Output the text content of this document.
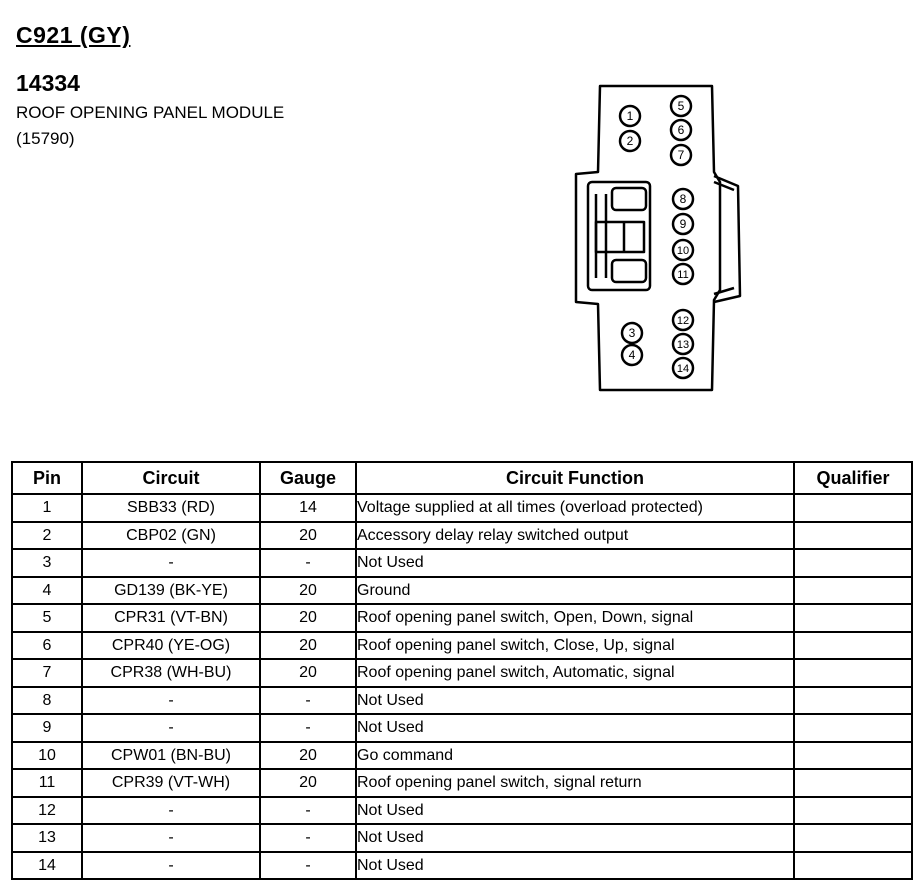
C921 (GY)
14334
ROOF OPENING PANEL MODULE
(15790)
1
2
3
4
5
6
7
8
9
10
11
12
13
14
Pin	Circuit	Gauge	Circuit Function	Qualifier
1	SBB33 (RD)	14	Voltage supplied at all times (overload protected)	
2	CBP02 (GN)	20	Accessory delay relay switched output	
3	-	-	Not Used	
4	GD139 (BK-YE)	20	Ground	
5	CPR31 (VT-BN)	20	Roof opening panel switch, Open, Down, signal	
6	CPR40 (YE-OG)	20	Roof opening panel switch, Close, Up, signal	
7	CPR38 (WH-BU)	20	Roof opening panel switch, Automatic, signal	
8	-	-	Not Used	
9	-	-	Not Used	
10	CPW01 (BN-BU)	20	Go command	
11	CPR39 (VT-WH)	20	Roof opening panel switch, signal return	
12	-	-	Not Used	
13	-	-	Not Used	
14	-	-	Not Used	
